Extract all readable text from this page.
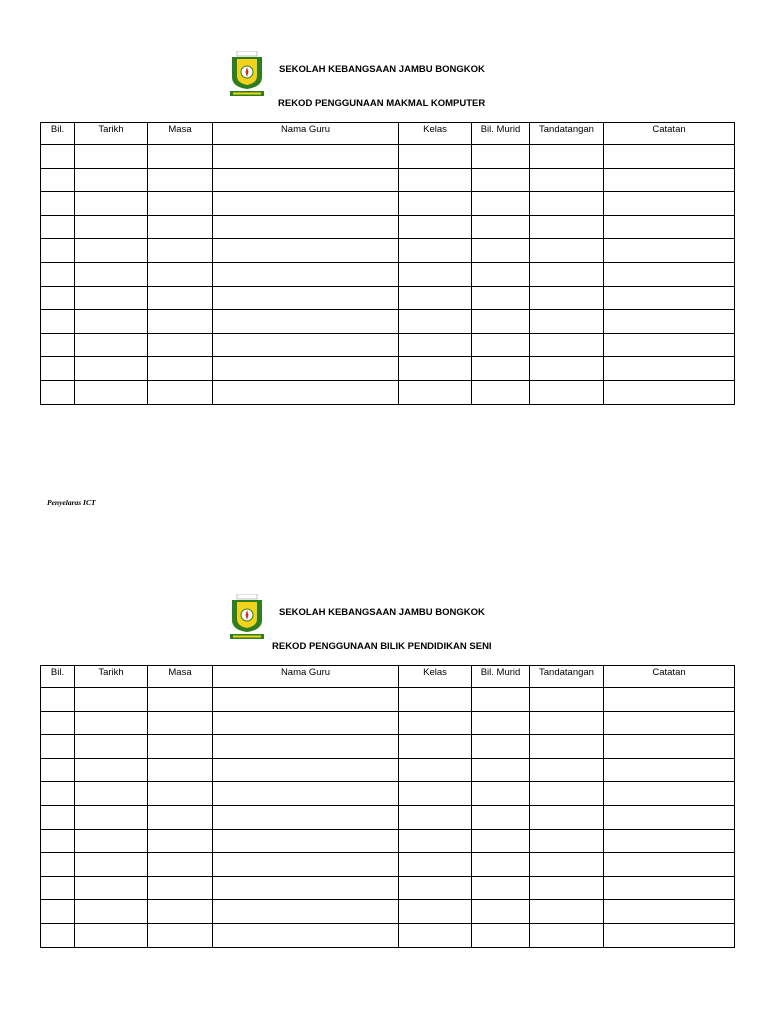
SEKOLAH KEBANGSAAN JAMBU BONGKOK
REKOD PENGGUNAAN MAKMAL KOMPUTER
Bil.	Tarikh	Masa	Nama Guru	Kelas	Bil. Murid	Tandatangan	Catatan

Penyelaras ICT
SEKOLAH KEBANGSAAN JAMBU BONGKOK
REKOD PENGGUNAAN BILIK PENDIDIKAN SENI
Bil.	Tarikh	Masa	Nama Guru	Kelas	Bil. Murid	Tandatangan	Catatan
